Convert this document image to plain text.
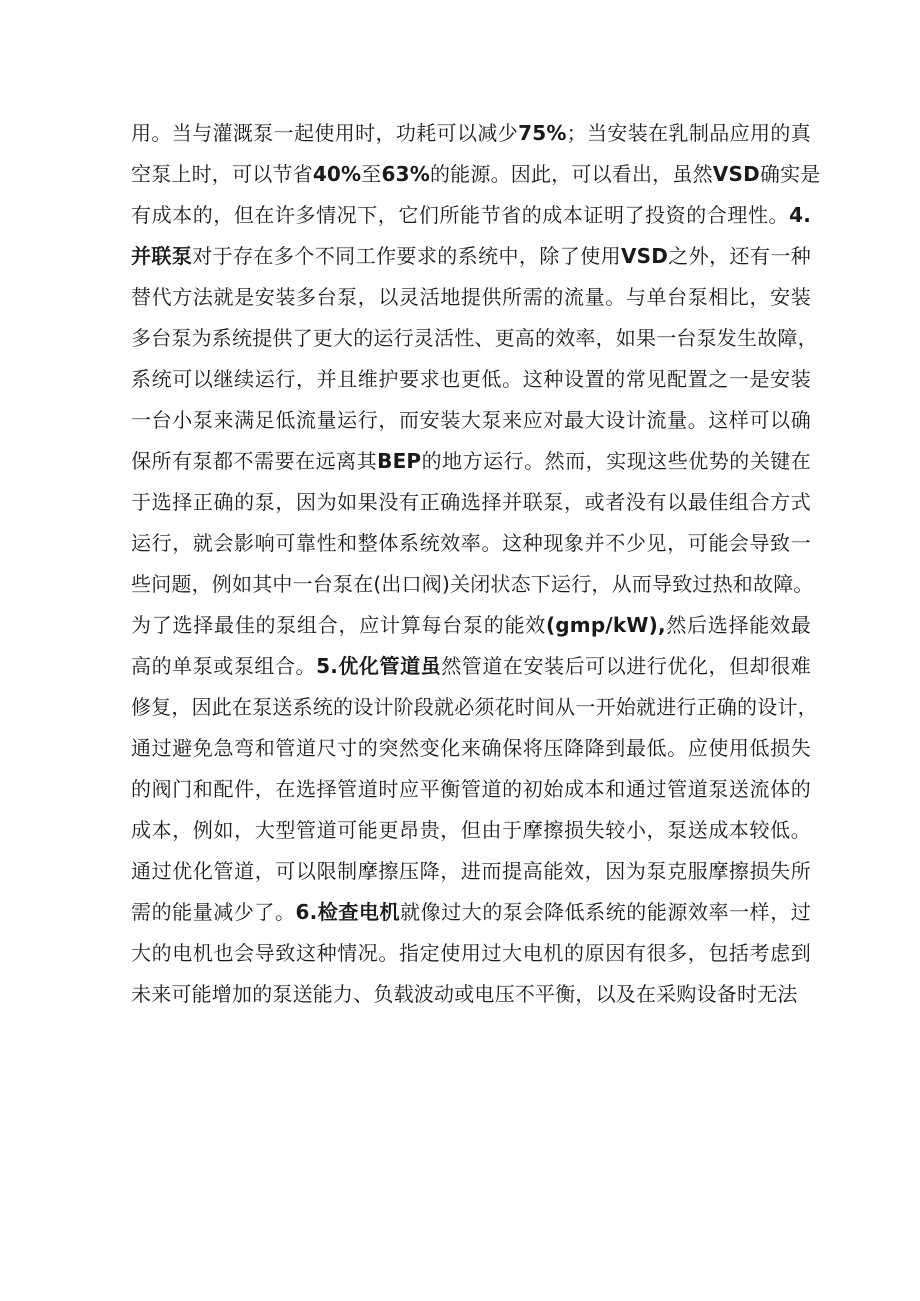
用。当与灌溉泵一起使用时，功耗可以减少75%；当安装在乳制品应用的真
空泵上时，可以节省40%至63%的能源。因此，可以看出，虽然VSD确实是
有成本的，但在许多情况下，它们所能节省的成本证明了投资的合理性。4.
并联泵对于存在多个不同工作要求的系统中，除了使用VSD之外，还有一种
替代方法就是安装多台泵，以灵活地提供所需的流量。与单台泵相比，安装
多台泵为系统提供了更大的运行灵活性、更高的效率，如果一台泵发生故障，
系统可以继续运行，并且维护要求也更低。这种设置的常见配置之一是安装
一台小泵来满足低流量运行，而安装大泵来应对最大设计流量。这样可以确
保所有泵都不需要在远离其BEP的地方运行。然而，实现这些优势的关键在
于选择正确的泵，因为如果没有正确选择并联泵，或者没有以最佳组合方式
运行，就会影响可靠性和整体系统效率。这种现象并不少见，可能会导致一
些问题，例如其中一台泵在(出口阀)关闭状态下运行，从而导致过热和故障。
为了选择最佳的泵组合，应计算每台泵的能效(gmp/kW),然后选择能效最
高的单泵或泵组合。5.优化管道虽然管道在安装后可以进行优化，但却很难
修复，因此在泵送系统的设计阶段就必须花时间从一开始就进行正确的设计，
通过避免急弯和管道尺寸的突然变化来确保将压降降到最低。应使用低损失
的阀门和配件，在选择管道时应平衡管道的初始成本和通过管道泵送流体的
成本，例如，大型管道可能更昂贵，但由于摩擦损失较小，泵送成本较低。
通过优化管道，可以限制摩擦压降，进而提高能效，因为泵克服摩擦损失所
需的能量减少了。6.检查电机就像过大的泵会降低系统的能源效率一样，过
大的电机也会导致这种情况。指定使用过大电机的原因有很多，包括考虑到
未来可能增加的泵送能力、负载波动或电压不平衡，以及在采购设备时无法
